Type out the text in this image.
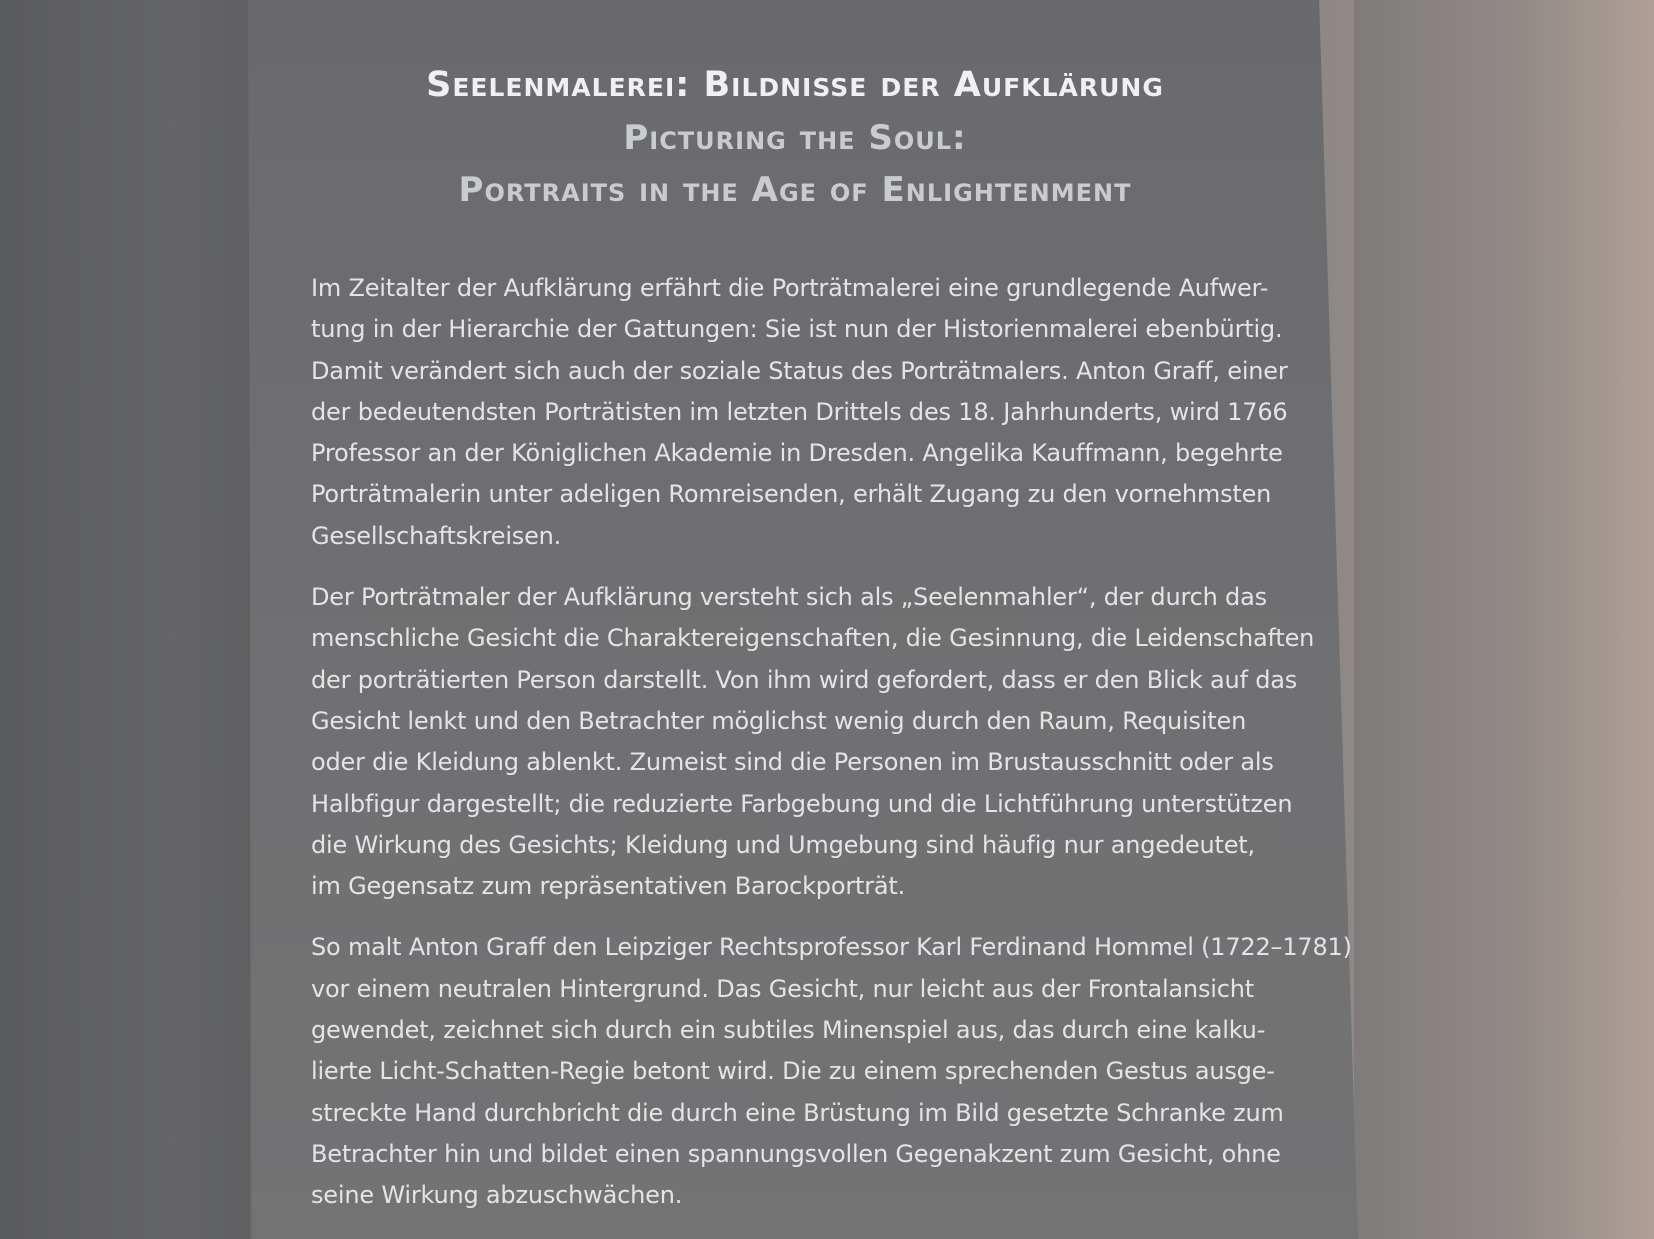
Seelenmalerei: Bildnisse der Aufklärung

Picturing the Soul:

Portraits in the Age of Enlightenment

Im Zeitalter der Aufklärung erfährt die Porträtmalerei eine grundlegende Aufwer-
tung in der Hierarchie der Gattungen: Sie ist nun der Historienmalerei ebenbürtig.
Damit verändert sich auch der soziale Status des Porträtmalers. Anton Graff, einer
der bedeutendsten Porträtisten im letzten Drittels des 18. Jahrhunderts, wird 1766
Professor an der Königlichen Akademie in Dresden. Angelika Kauffmann, begehrte
Porträtmalerin unter adeligen Romreisenden, erhält Zugang zu den vornehmsten
Gesellschaftskreisen.
Der Porträtmaler der Aufklärung versteht sich als „Seelenmahler“, der durch das
menschliche Gesicht die Charaktereigenschaften, die Gesinnung, die Leidenschaften
der porträtierten Person darstellt. Von ihm wird gefordert, dass er den Blick auf das
Gesicht lenkt und den Betrachter möglichst wenig durch den Raum, Requisiten
oder die Kleidung ablenkt. Zumeist sind die Personen im Brustausschnitt oder als
Halbfigur dargestellt; die reduzierte Farbgebung und die Lichtführung unterstützen
die Wirkung des Gesichts; Kleidung und Umgebung sind häufig nur angedeutet,
im Gegensatz zum repräsentativen Barockporträt.
So malt Anton Graff den Leipziger Rechtsprofessor Karl Ferdinand Hommel (1722–1781)
vor einem neutralen Hintergrund. Das Gesicht, nur leicht aus der Frontalansicht
gewendet, zeichnet sich durch ein subtiles Minenspiel aus, das durch eine kalku-
lierte Licht-Schatten-Regie betont wird. Die zu einem sprechenden Gestus ausge-
streckte Hand durchbricht die durch eine Brüstung im Bild gesetzte Schranke zum
Betrachter hin und bildet einen spannungsvollen Gegenakzent zum Gesicht, ohne
seine Wirkung abzuschwächen.
